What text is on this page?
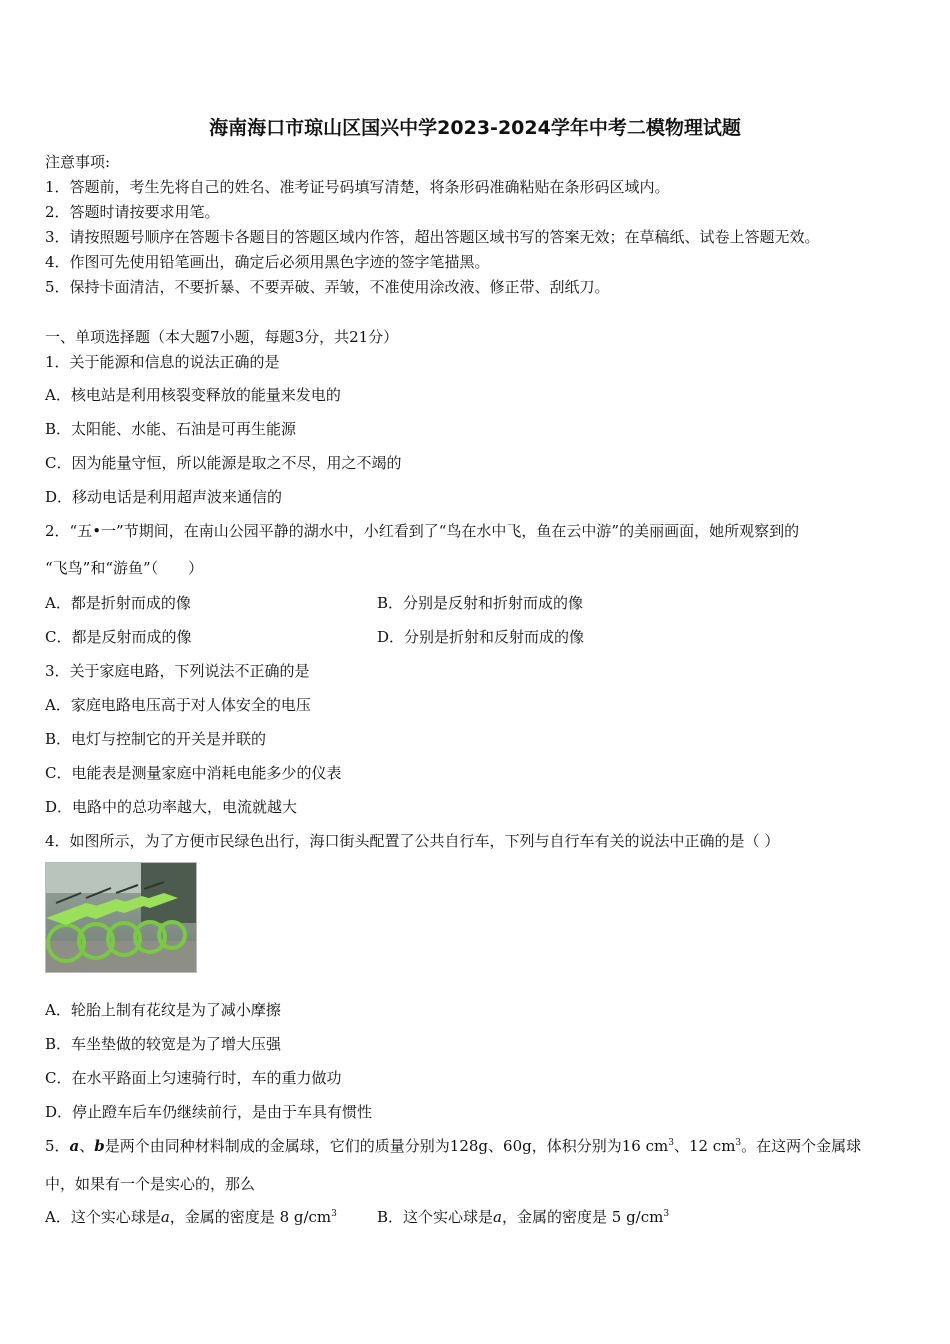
海南海口市琼山区国兴中学2023-2024学年中考二模物理试题
注意事项:
1．答题前，考生先将自己的姓名、准考证号码填写清楚，将条形码准确粘贴在条形码区域内。
2．答题时请按要求用笔。
3．请按照题号顺序在答题卡各题目的答题区域内作答，超出答题区域书写的答案无效；在草稿纸、试卷上答题无效。
4．作图可先使用铅笔画出，确定后必须用黑色字迹的签字笔描黑。
5．保持卡面清洁，不要折暴、不要弄破、弄皱，不准使用涂改液、修正带、刮纸刀。
一、单项选择题（本大题7小题，每题3分，共21分）
1．关于能源和信息的说法正确的是
A．核电站是利用核裂变释放的能量来发电的
B．太阳能、水能、石油是可再生能源
C．因为能量守恒，所以能源是取之不尽，用之不竭的
D．移动电话是利用超声波来通信的
2．“五•一”节期间，在南山公园平静的湖水中，小红看到了“鸟在水中飞，鱼在云中游”的美丽画面，她所观察到的
“飞鸟”和“游鱼”（　　）
A．都是折射而成的像	B．分别是反射和折射而成的像
C．都是反射而成的像	D．分别是折射和反射而成的像
3．关于家庭电路，下列说法不正确的是
A．家庭电路电压高于对人体安全的电压
B．电灯与控制它的开关是并联的
C．电能表是测量家庭中消耗电能多少的仪表
D．电路中的总功率越大，电流就越大
4．如图所示，为了方便市民绿色出行，海口街头配置了公共自行车，下列与自行车有关的说法中正确的是（ ）
A．轮胎上制有花纹是为了减小摩擦
B．车坐垫做的较宽是为了增大压强
C．在水平路面上匀速骑行时，车的重力做功
D．停止蹬车后车仍继续前行，是由于车具有惯性
5．a、b是两个由同种材料制成的金属球，它们的质量分别为128g、60g，体积分别为16 $cm^3$、12 $cm^3$。在这两个金属球
中，如果有一个是实心的，那么
A．这个实心球是a，金属的密度是 8 $g/cm^3$	B．这个实心球是a，金属的密度是 5 $g/cm^3$
